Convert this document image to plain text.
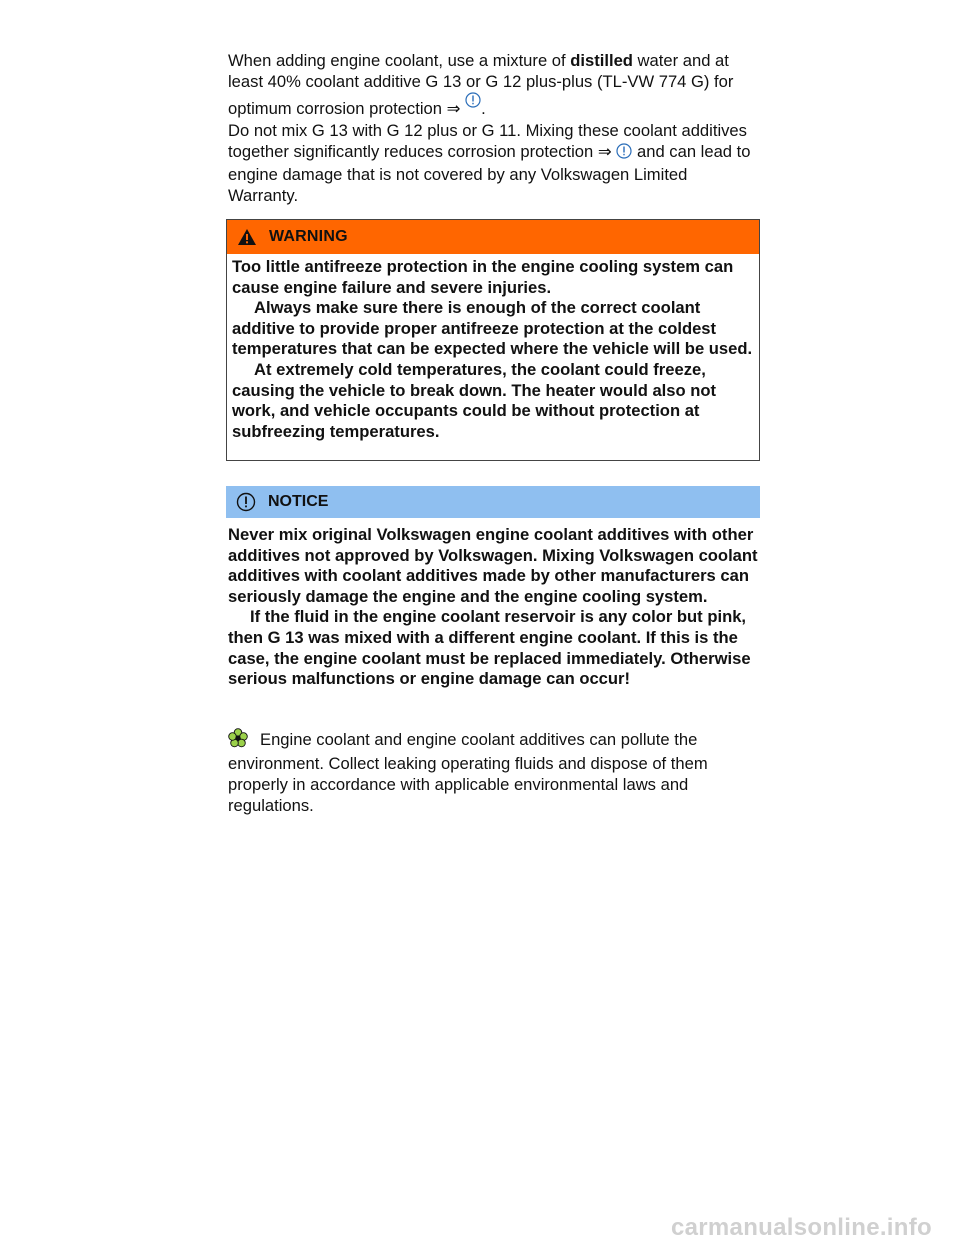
When adding engine coolant, use a mixture of distilled water and at least 40% coolant additive G 13 or G 12 plus-plus (TL-VW 774 G) for optimum corrosion protection ⇒ .

Do not mix G 13 with G 12 plus or G 11. Mixing these coolant additives together significantly reduces corrosion protection ⇒  and can lead to engine damage that is not covered by any Volkswagen Limited Warranty.

WARNING

Too little antifreeze protection in the engine cooling system can cause engine failure and severe injuries.

Always make sure there is enough of the correct coolant additive to provide proper antifreeze protection at the coldest temperatures that can be expected where the vehicle will be used.

At extremely cold temperatures, the coolant could freeze, causing the vehicle to break down. The heater would also not work, and vehicle occupants could be without protection at subfreezing temperatures.

NOTICE

Never mix original Volkswagen engine coolant additives with other additives not approved by Volkswagen. Mixing Volkswagen coolant additives with coolant additives made by other manufacturers can seriously damage the engine and the engine cooling system.

If the fluid in the engine coolant reservoir is any color but pink, then G 13 was mixed with a different engine coolant. If this is the case, the engine coolant must be replaced immediately. Otherwise serious malfunctions or engine damage can occur!

Engine coolant and engine coolant additives can pollute the environment. Collect leaking operating fluids and dispose of them properly in accordance with applicable environmental laws and regulations.

carmanualsonline.info
